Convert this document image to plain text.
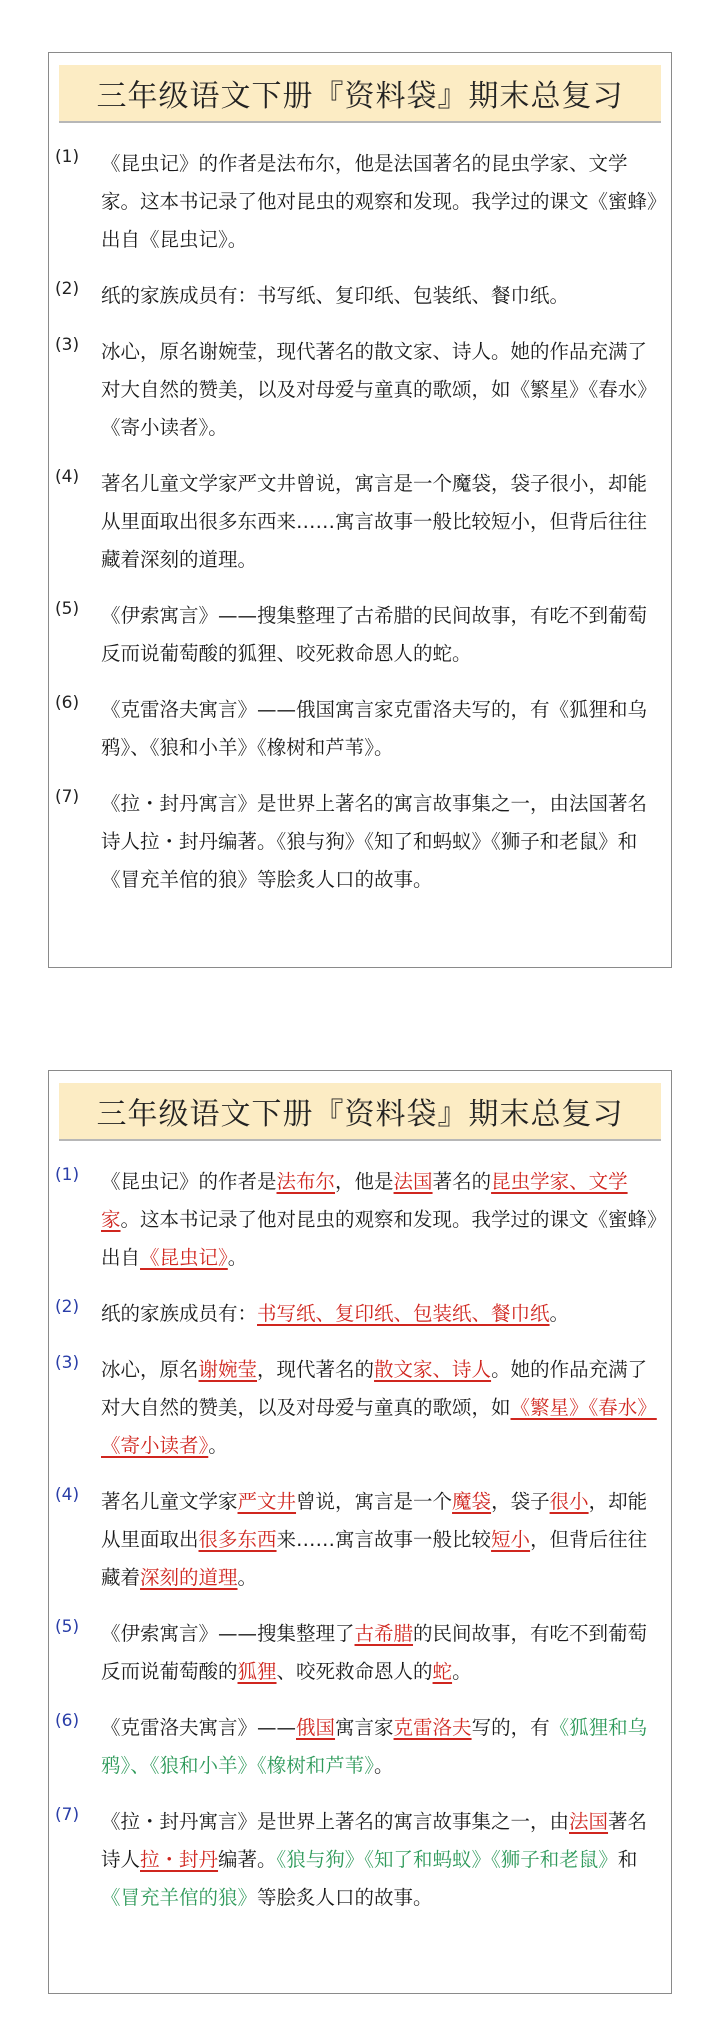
三年级语文下册『资料袋』期末总复习
(1)	《昆虫记》的作者是法布尔，他是法国著名的昆虫学家、文学家。这本书记录了他对昆虫的观察和发现。我学过的课文《蜜蜂》出自《昆虫记》。
(2)	纸的家族成员有：书写纸、复印纸、包装纸、餐巾纸。
(3)	冰心，原名谢婉莹，现代著名的散文家、诗人。她的作品充满了对大自然的赞美，以及对母爱与童真的歌颂，如《繁星》《春水》《寄小读者》。
(4)	著名儿童文学家严文井曾说，寓言是一个魔袋，袋子很小，却能从里面取出很多东西来……寓言故事一般比较短小，但背后往往藏着深刻的道理。
(5)	《伊索寓言》——搜集整理了古希腊的民间故事，有吃不到葡萄反而说葡萄酸的狐狸、咬死救命恩人的蛇。
(6)	《克雷洛夫寓言》——俄国寓言家克雷洛夫写的，有《狐狸和乌鸦》、《狼和小羊》《橡树和芦苇》。
(7)	《拉・封丹寓言》是世界上著名的寓言故事集之一，由法国著名诗人拉・封丹编著。《狼与狗》《知了和蚂蚁》《狮子和老鼠》和《冒充羊倌的狼》等脍炙人口的故事。
三年级语文下册『资料袋』期末总复习
(1)	《昆虫记》的作者是法布尔，他是法国著名的昆虫学家、文学家。这本书记录了他对昆虫的观察和发现。我学过的课文《蜜蜂》出自《昆虫记》。
(2)	纸的家族成员有：书写纸、复印纸、包装纸、餐巾纸。
(3)	冰心，原名谢婉莹，现代著名的散文家、诗人。她的作品充满了对大自然的赞美，以及对母爱与童真的歌颂，如《繁星》《春水》《寄小读者》。
(4)	著名儿童文学家严文井曾说，寓言是一个魔袋，袋子很小，却能从里面取出很多东西来……寓言故事一般比较短小，但背后往往藏着深刻的道理。
(5)	《伊索寓言》——搜集整理了古希腊的民间故事，有吃不到葡萄反而说葡萄酸的狐狸、咬死救命恩人的蛇。
(6)	《克雷洛夫寓言》——俄国寓言家克雷洛夫写的，有《狐狸和乌鸦》、《狼和小羊》《橡树和芦苇》。
(7)	《拉・封丹寓言》是世界上著名的寓言故事集之一，由法国著名诗人拉・封丹编著。《狼与狗》《知了和蚂蚁》《狮子和老鼠》和《冒充羊倌的狼》等脍炙人口的故事。
